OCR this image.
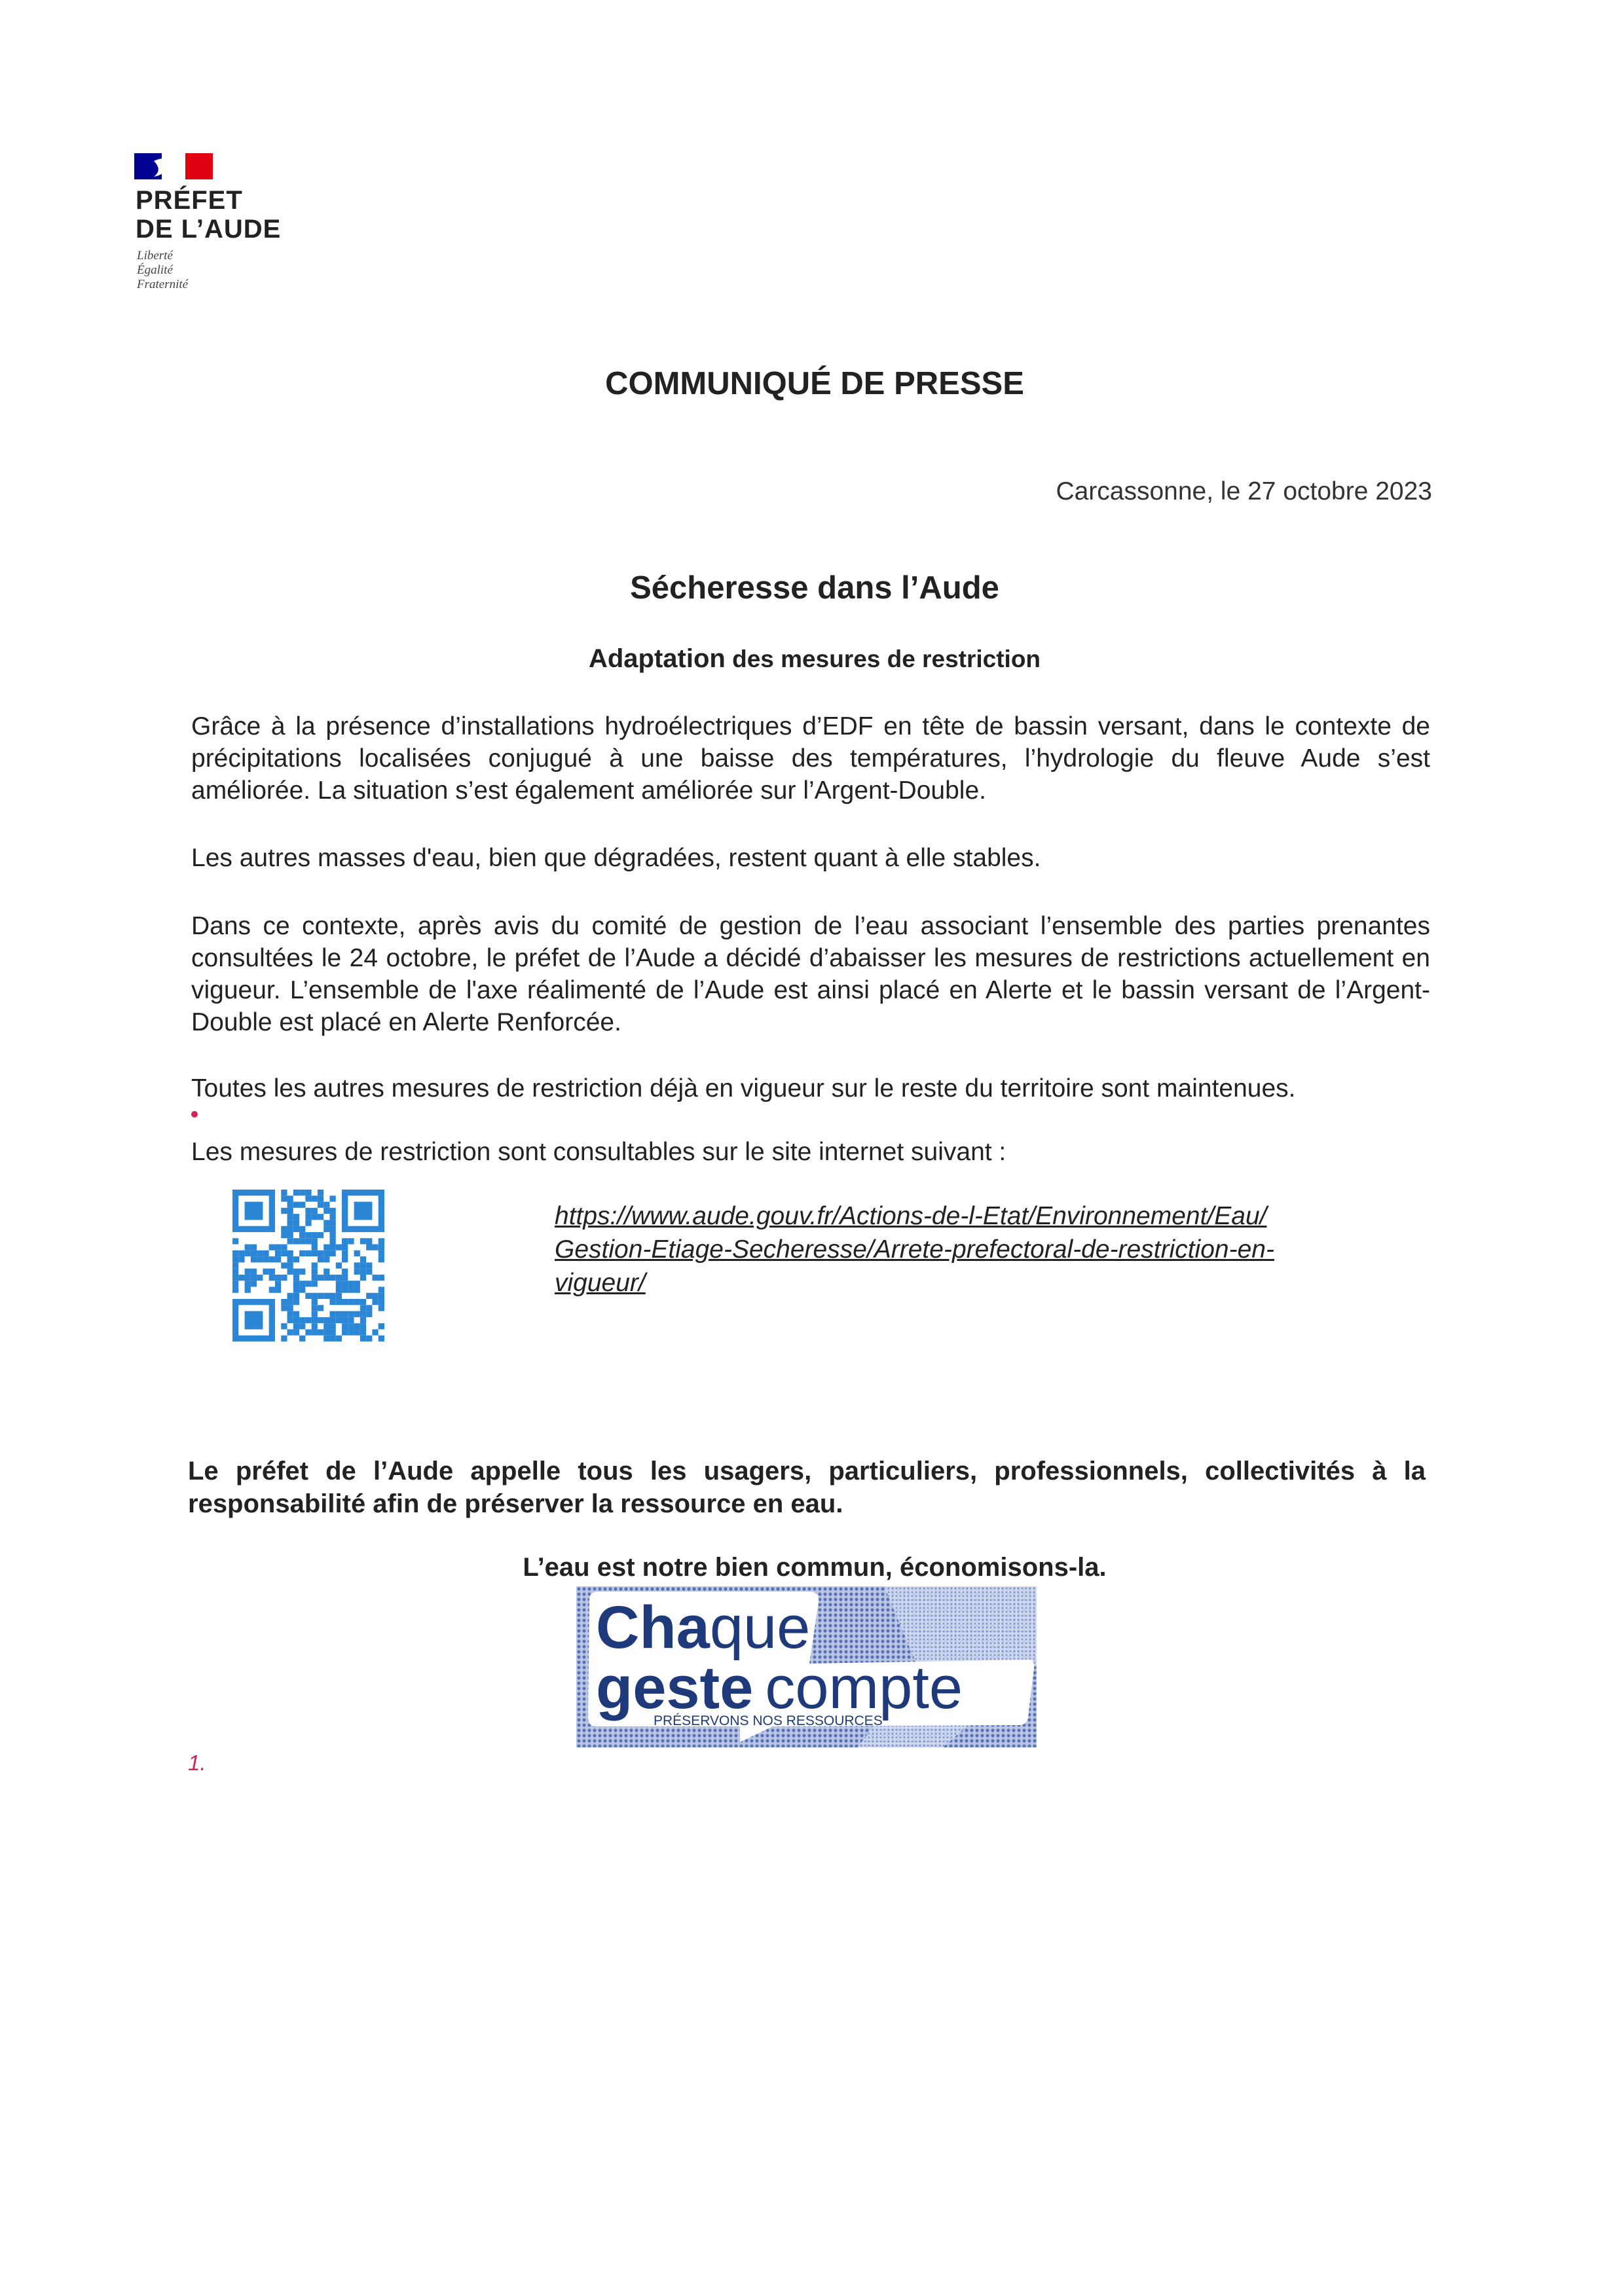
PRÉFET
DE L’AUDE
Liberté
Égalité
Fraternité
COMMUNIQUÉ DE PRESSE
Carcassonne, le 27 octobre 2023
Sécheresse dans l’Aude
Adaptation des mesures de restriction
Grâce à la présence d’installations hydroélectriques d’EDF en tête de bassin versant, dans le contexte de précipitations localisées conjugué à une baisse des températures, l’hydrologie du fleuve Aude s’est améliorée. La situation s’est également améliorée sur l’Argent-Double.
Les autres masses d'eau, bien que dégradées, restent quant à elle stables.
Dans ce contexte, après avis du comité de gestion de l’eau associant l’ensemble des parties prenantes consultées le 24 octobre, le préfet de l’Aude a décidé d’abaisser les mesures de restrictions actuellement en vigueur. L’ensemble de l'axe réalimenté de l’Aude est ainsi placé en Alerte et le bassin versant de l’Argent-Double est placé en Alerte Renforcée.
Toutes les autres mesures de restriction déjà en vigueur sur le reste du territoire sont maintenues.
Les mesures de restriction sont consultables sur le site internet suivant :
https://www.aude.gouv.fr/Actions-de-l-Etat/Environnement/Eau/
Gestion-Etiage-Secheresse/Arrete-prefectoral-de-restriction-en-
vigueur/
Le préfet de l’Aude appelle tous les usagers, particuliers, professionnels, collectivités à la responsabilité afin de préserver la ressource en eau.
L’eau est notre bien commun, économisons-la.
Chaque
geste compte
PRÉSERVONS NOS RESSOURCES
1.
